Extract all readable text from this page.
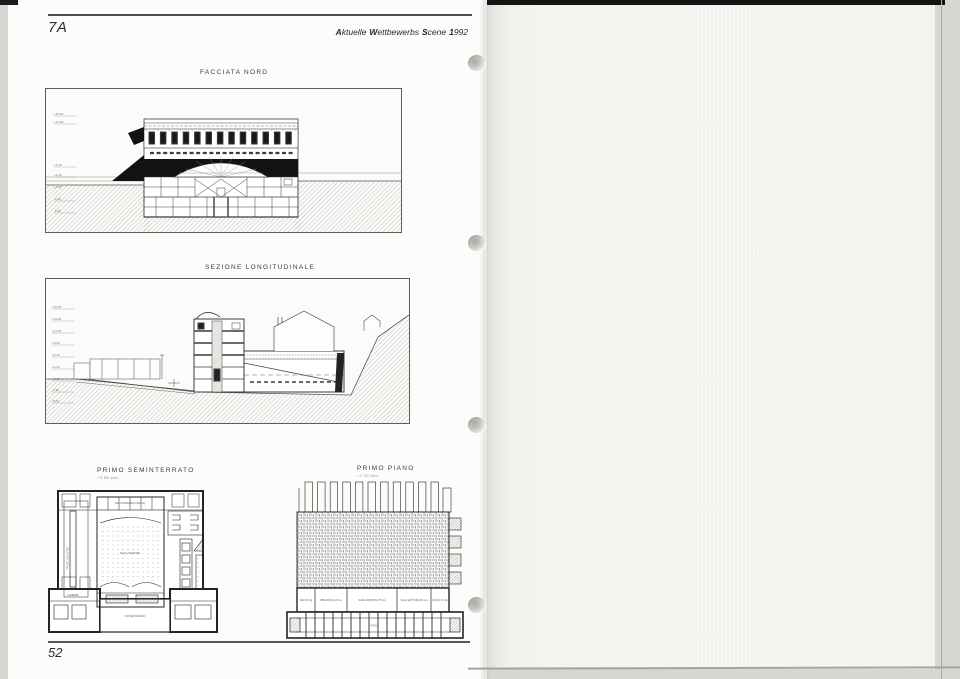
7A	Aktuelle Wettbewerbs Scene 1992
52
FACCIATA NORD
+15.60
+13.90
+6.10
+4.30
+0.60
-2.40
-5.20
SEZIONE LONGITUDINALE
+15.60
+13.90
+11.20
+8.60
+6.10
+4.30
+0.60
-2.40
-5.20
PRIMO SEMINTERRATO
+3.56 slm
PALCOSCENICO 350 mq
SALA TEATRO
FOYER BASSO
SALA CONF. 120 mq
CAMERINI
PRIMO PIANO
+7.12 slm
BAR 25 mq	BIBLIOTECA 45 mq	SALE RIUNIONI 75 mq	SALA LETTURA 60 mq UFFICI 30 mq
STUDI
IL CANALE VERDE
